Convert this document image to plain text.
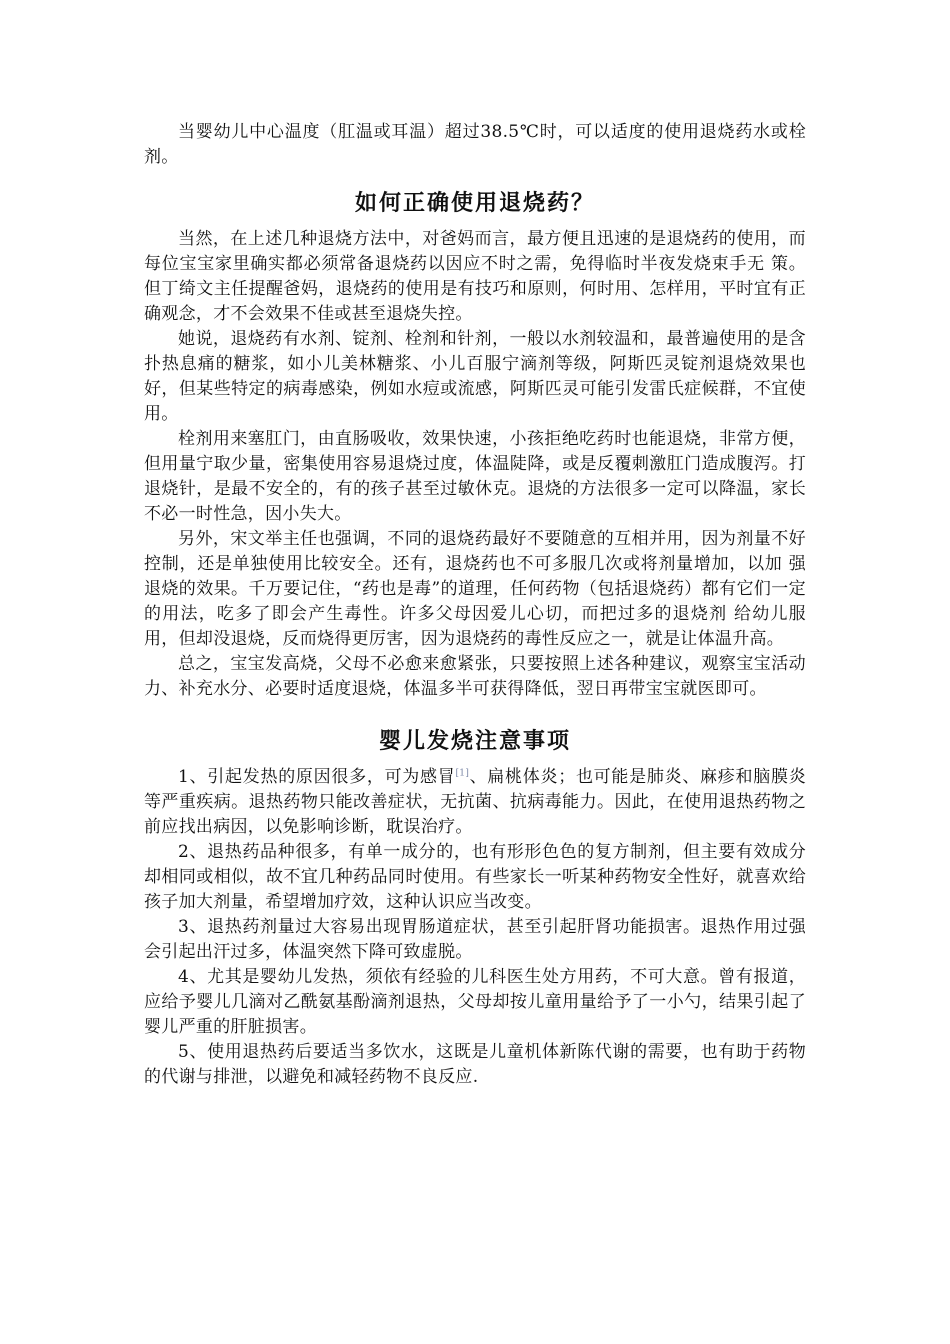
当婴幼儿中心温度（肛温或耳温）超过38.5℃时，可以适度的使用退烧药水或栓剂。

如何正确使用退烧药？

当然，在上述几种退烧方法中，对爸妈而言，最方便且迅速的是退烧药的使用，而每位宝宝家里确实都必须常备退烧药以因应不时之需，免得临时半夜发烧束手无 策。但丁绮文主任提醒爸妈，退烧药的使用是有技巧和原则，何时用、怎样用，平时宜有正确观念，才不会效果不佳或甚至退烧失控。

她说，退烧药有水剂、锭剂、栓剂和针剂，一般以水剂较温和，最普遍使用的是含扑热息痛的糖浆，如小儿美林糖浆、小儿百服宁滴剂等级，阿斯匹灵锭剂退烧效果也好，但某些特定的病毒感染，例如水痘或流感，阿斯匹灵可能引发雷氏症候群，不宜使用。

栓剂用来塞肛门，由直肠吸收，效果快速，小孩拒绝吃药时也能退烧，非常方便，但用量宁取少量，密集使用容易退烧过度，体温陡降，或是反覆刺激肛门造成腹泻。打退烧针，是最不安全的，有的孩子甚至过敏休克。退烧的方法很多一定可以降温，家长不必一时性急，因小失大。

另外，宋文举主任也强调，不同的退烧药最好不要随意的互相并用，因为剂量不好控制，还是单独使用比较安全。还有，退烧药也不可多服几次或将剂量增加，以加 强退烧的效果。千万要记住，“药也是毒”的道理，任何药物（包括退烧药）都有它们一定的用法，吃多了即会产生毒性。许多父母因爱儿心切，而把过多的退烧剂 给幼儿服用，但却没退烧，反而烧得更厉害，因为退烧药的毒性反应之一，就是让体温升高。

总之，宝宝发高烧，父母不必愈来愈紧张，只要按照上述各种建议，观察宝宝活动力、补充水分、必要时适度退烧，体温多半可获得降低，翌日再带宝宝就医即可。

婴儿发烧注意事项

1、引起发热的原因很多，可为感冒[1]、扁桃体炎；也可能是肺炎、麻疹和脑膜炎等严重疾病。退热药物只能改善症状，无抗菌、抗病毒能力。因此，在使用退热药物之前应找出病因，以免影响诊断，耽误治疗。

2、退热药品种很多，有单一成分的，也有形形色色的复方制剂，但主要有效成分却相同或相似，故不宜几种药品同时使用。有些家长一听某种药物安全性好，就喜欢给孩子加大剂量，希望增加疗效，这种认识应当改变。

3、退热药剂量过大容易出现胃肠道症状，甚至引起肝肾功能损害。退热作用过强会引起出汗过多，体温突然下降可致虚脱。

4、尤其是婴幼儿发热，须依有经验的儿科医生处方用药，不可大意。曾有报道，应给予婴儿几滴对乙酰氨基酚滴剂退热，父母却按儿童用量给予了一小勺，结果引起了婴儿严重的肝脏损害。

5、使用退热药后要适当多饮水，这既是儿童机体新陈代谢的需要，也有助于药物的代谢与排泄，以避免和减轻药物不良反应.
